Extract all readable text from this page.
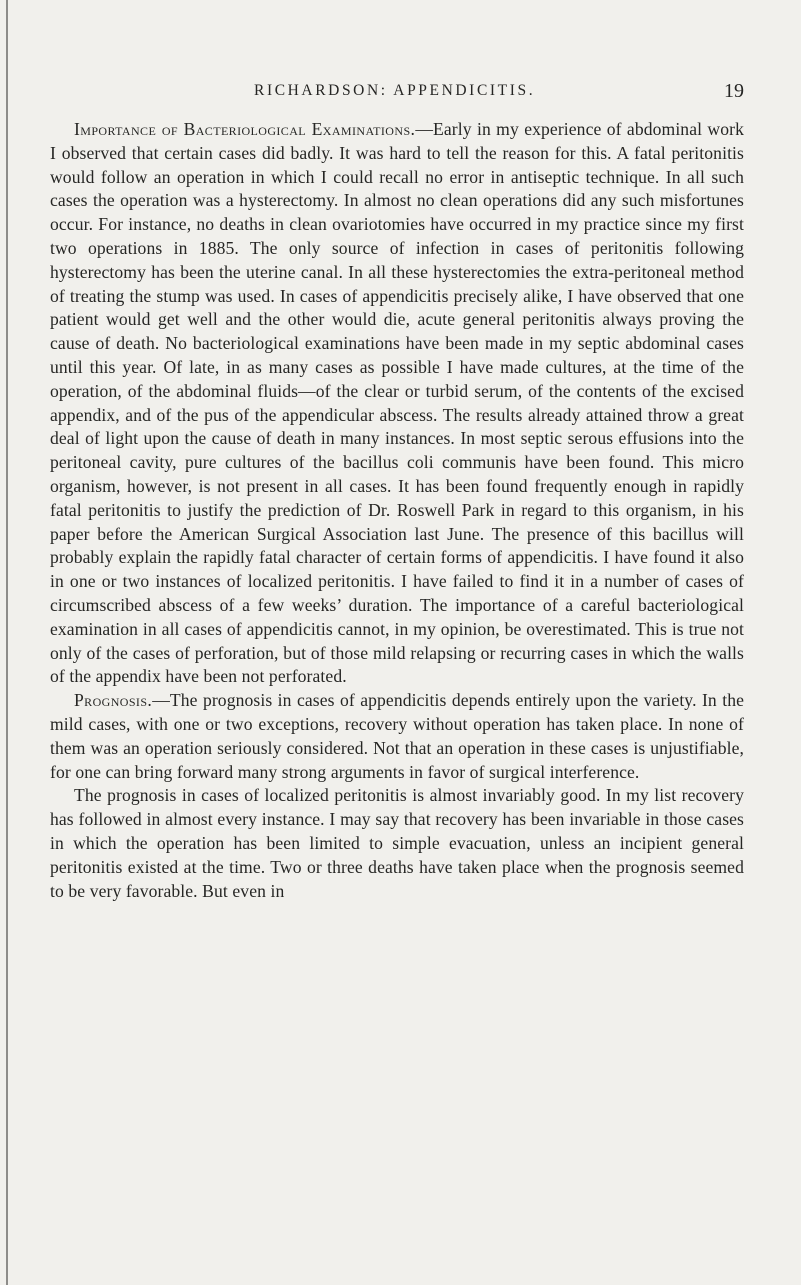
RICHARDSON: APPENDICITIS.	19

Importance of Bacteriological Examinations.—Early in my experience of abdominal work I observed that certain cases did badly. It was hard to tell the reason for this. A fatal peritonitis would follow an operation in which I could recall no error in antiseptic technique. In all such cases the operation was a hysterectomy. In almost no clean operations did any such misfortunes occur. For instance, no deaths in clean ovariotomies have occurred in my practice since my first two operations in 1885. The only source of infection in cases of peritonitis following hysterectomy has been the uterine canal. In all these hysterectomies the extra-peritoneal method of treating the stump was used. In cases of appendicitis precisely alike, I have observed that one patient would get well and the other would die, acute general peritonitis always proving the cause of death. No bacteriological examinations have been made in my septic abdominal cases until this year. Of late, in as many cases as possible I have made cultures, at the time of the operation, of the abdominal fluids—of the clear or turbid serum, of the contents of the excised appendix, and of the pus of the appendicular abscess. The results already attained throw a great deal of light upon the cause of death in many instances. In most septic serous effusions into the peritoneal cavity, pure cultures of the bacillus coli communis have been found. This micro organism, however, is not present in all cases. It has been found frequently enough in rapidly fatal peritonitis to justify the prediction of Dr. Roswell Park in regard to this organism, in his paper before the American Surgical Association last June. The presence of this bacillus will probably explain the rapidly fatal character of certain forms of appendicitis. I have found it also in one or two instances of localized peritonitis. I have failed to find it in a number of cases of circumscribed abscess of a few weeks’ duration. The importance of a careful bacteriological examination in all cases of appendicitis cannot, in my opinion, be overestimated. This is true not only of the cases of perforation, but of those mild relapsing or recurring cases in which the walls of the appendix have been not perforated.

Prognosis.—The prognosis in cases of appendicitis depends entirely upon the variety. In the mild cases, with one or two exceptions, recovery without operation has taken place. In none of them was an operation seriously considered. Not that an operation in these cases is unjustifiable, for one can bring forward many strong arguments in favor of surgical interference.

The prognosis in cases of localized peritonitis is almost invariably good. In my list recovery has followed in almost every instance. I may say that recovery has been invariable in those cases in which the operation has been limited to simple evacuation, unless an incipient general peritonitis existed at the time. Two or three deaths have taken place when the prognosis seemed to be very favorable. But even in
